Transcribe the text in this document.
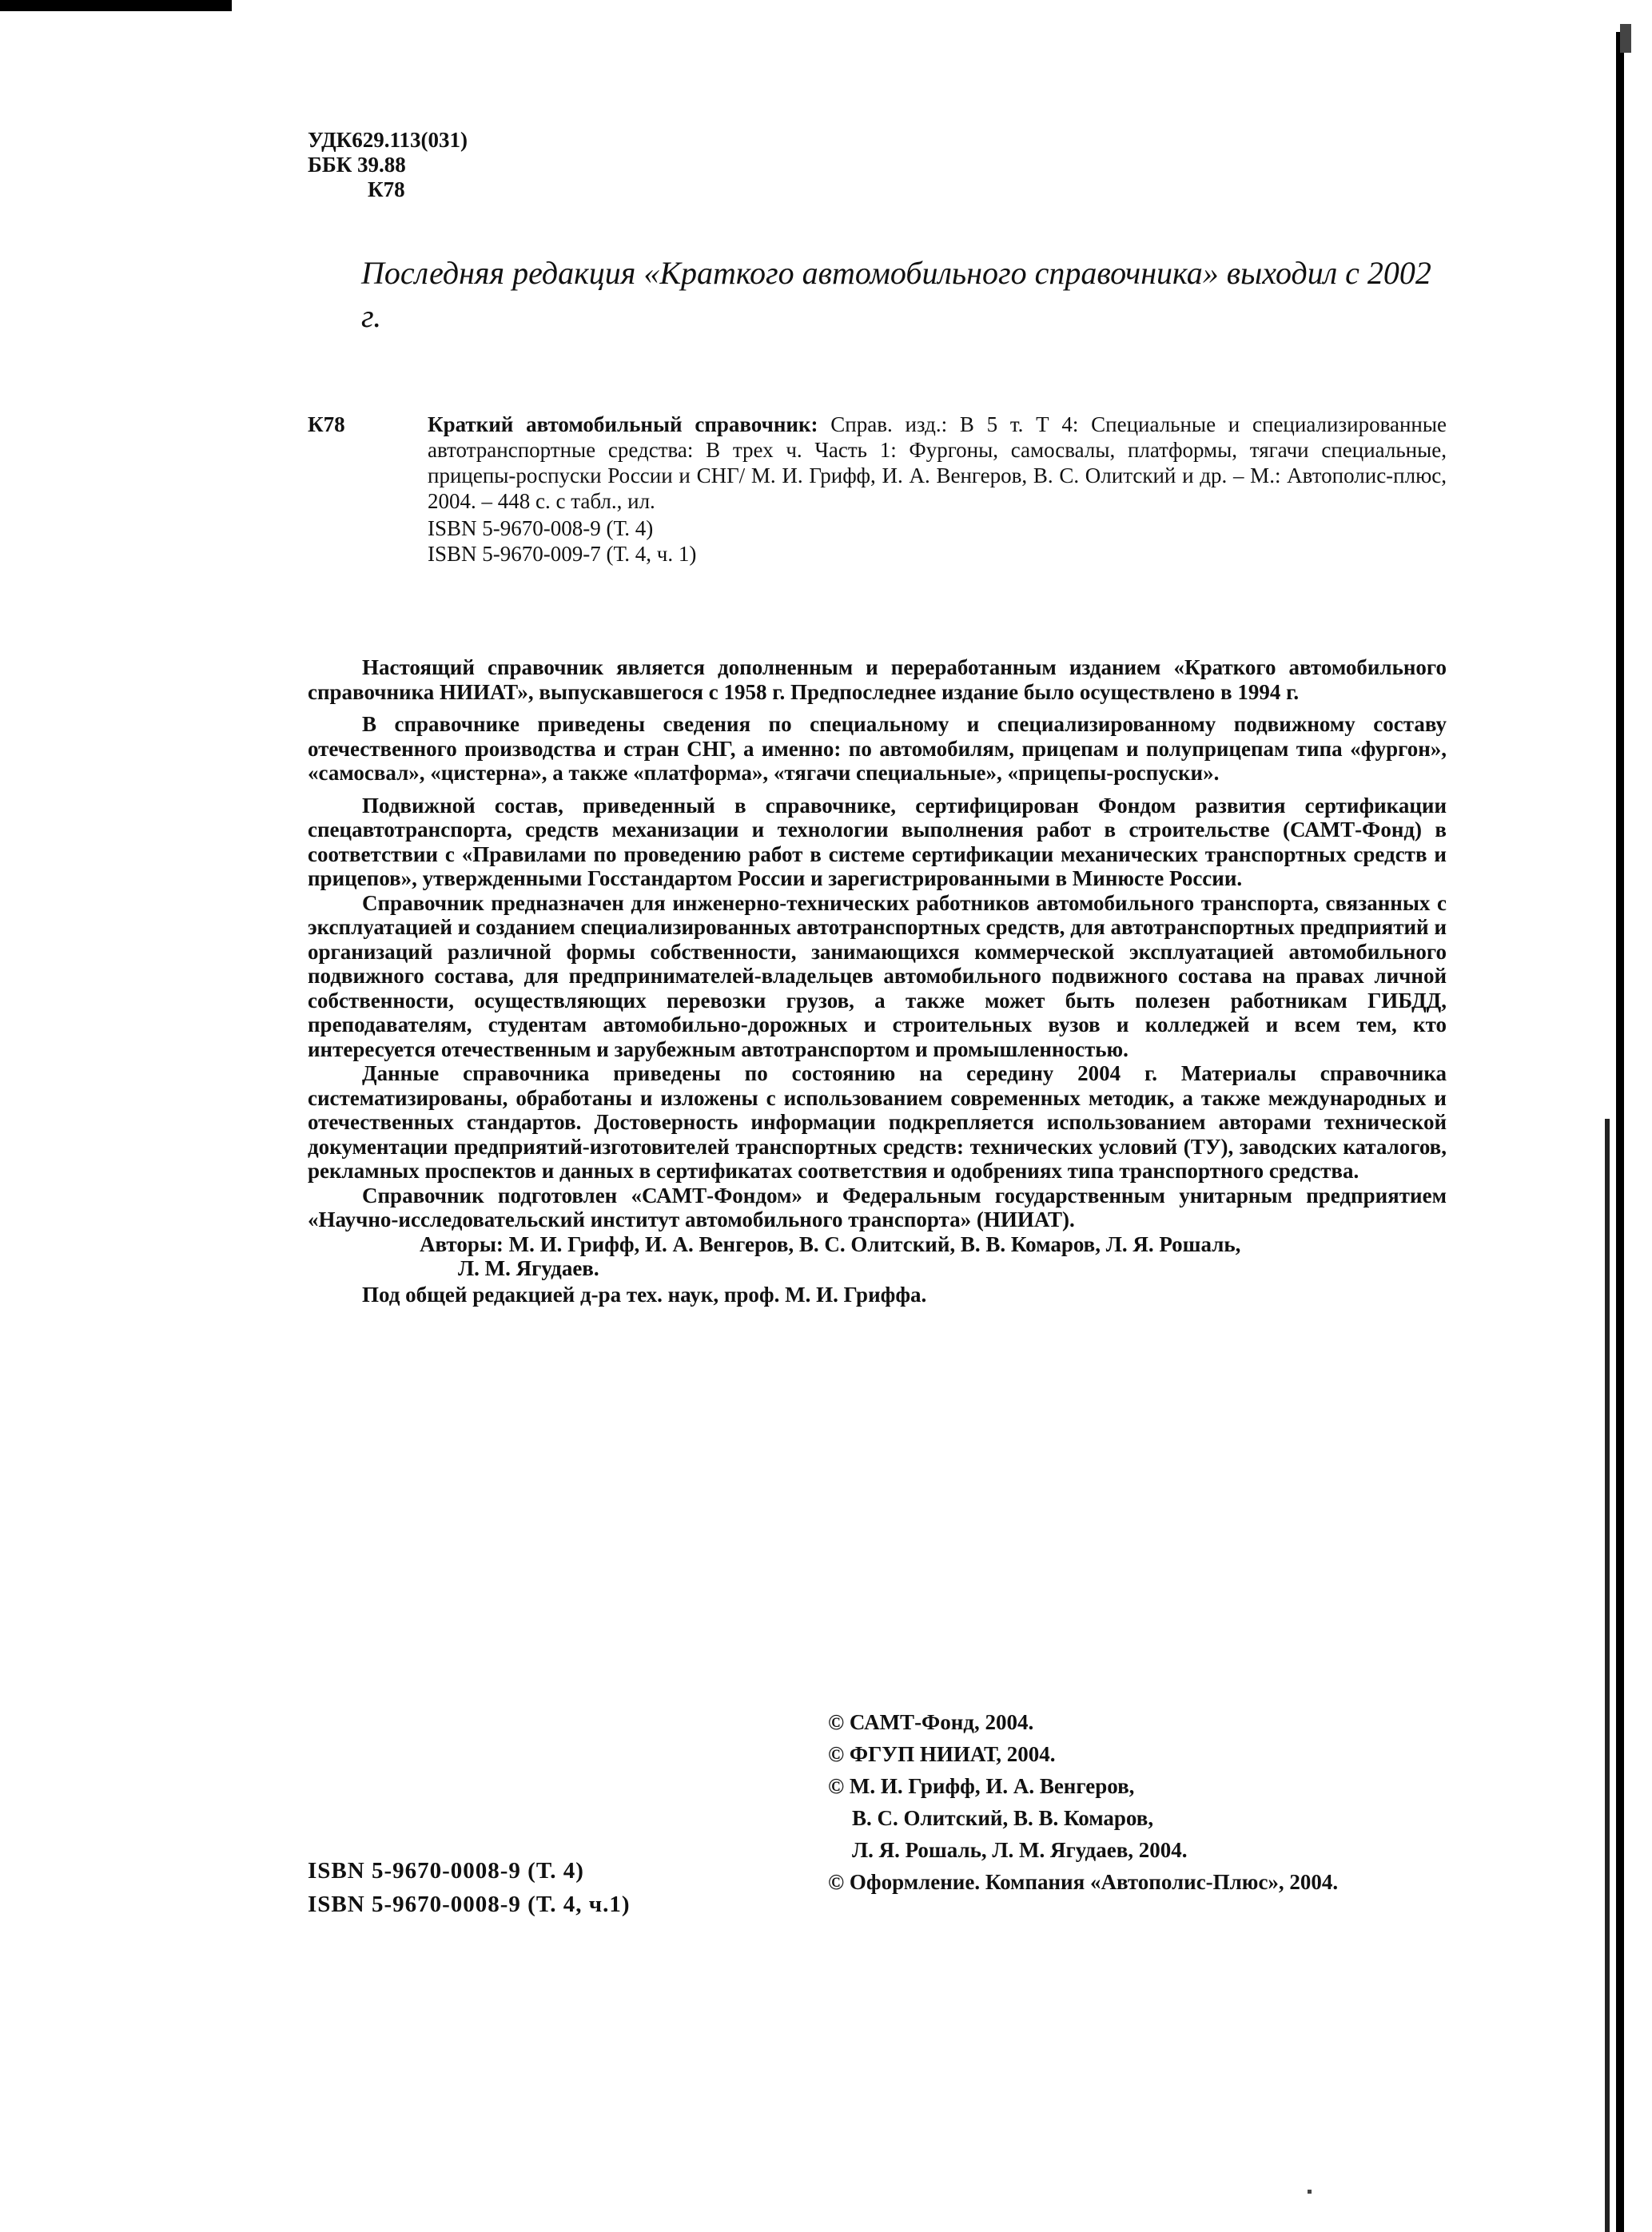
УДК629.113(031)
ББК 39.88
К78
Последняя редакция «Краткого автомобильного справочника» выходил с 2002 г.
К78	Краткий автомобильный справочник: Справ. изд.: В 5 т. Т 4: Специальные и специализированные автотранспортные средства: В трех ч. Часть 1: Фургоны, самосвалы, платформы, тягачи специальные, прицепы-роспуски России и СНГ/ М. И. Грифф, И. А. Венгеров, В. С. Олитский и др. – М.: Автополис-плюс, 2004. – 448 с. с табл., ил.
ISBN 5-9670-008-9 (Т. 4)
ISBN 5-9670-009-7 (Т. 4, ч. 1)

Настоящий справочник является дополненным и переработанным изданием «Краткого автомобильного справочника НИИАТ», выпускавшегося с 1958 г. Предпоследнее издание было осуществлено в 1994 г.

В справочнике приведены сведения по специальному и специализированному подвижному составу отечественного производства и стран СНГ, а именно: по автомобилям, прицепам и полуприцепам типа «фургон», «самосвал», «цистерна», а также «платформа», «тягачи специальные», «прицепы-роспуски».

Подвижной состав, приведенный в справочнике, сертифицирован Фондом развития сертификации спецавтотранспорта, средств механизации и технологии выполнения работ в строительстве (САМТ-Фонд) в соответствии с «Правилами по проведению работ в системе сертификации механических транспортных средств и прицепов», утвержденными Госстандартом России и зарегистрированными в Минюсте России.

Справочник предназначен для инженерно-технических работников автомобильного транспорта, связанных с эксплуатацией и созданием специализированных автотранспортных средств, для автотранспортных предприятий и организаций различной формы собственности, занимающихся коммерческой эксплуатацией автомобильного подвижного состава, для предпринимателей-владельцев автомобильного подвижного состава на правах личной собственности, осуществляющих перевозки грузов, а также может быть полезен работникам ГИБДД, преподавателям, студентам автомобильно-дорожных и строительных вузов и колледжей и всем тем, кто интересуется отечественным и зарубежным автотранспортом и промышленностью.

Данные справочника приведены по состоянию на середину 2004 г. Материалы справочника систематизированы, обработаны и изложены с использованием современных методик, а также международных и отечественных стандартов. Достоверность информации подкрепляется использованием авторами технической документации предприятий-изготовителей транспортных средств: технических условий (ТУ), заводских каталогов, рекламных проспектов и данных в сертификатах соответствия и одобрениях типа транспортного средства.

Справочник подготовлен «САМТ-Фондом» и Федеральным государственным унитарным предприятием «Научно-исследовательский институт автомобильного транспорта» (НИИАТ).

Авторы: М. И. Грифф, И. А. Венгеров, В. С. Олитский, В. В. Комаров, Л. Я. Рошаль,

Л. М. Ягудаев.

Под общей редакцией д-ра тех. наук, проф. М. И. Гриффа.

ISBN 5-9670-0008-9 (Т. 4)
ISBN 5-9670-0008-9 (Т. 4, ч.1)
© САМТ-Фонд, 2004.
© ФГУП НИИАТ, 2004.
© М. И. Грифф, И. А. Венгеров,
В. С. Олитский, В. В. Комаров,
Л. Я. Рошаль, Л. М. Ягудаев, 2004.
© Оформление. Компания «Автополис-Плюс», 2004.
